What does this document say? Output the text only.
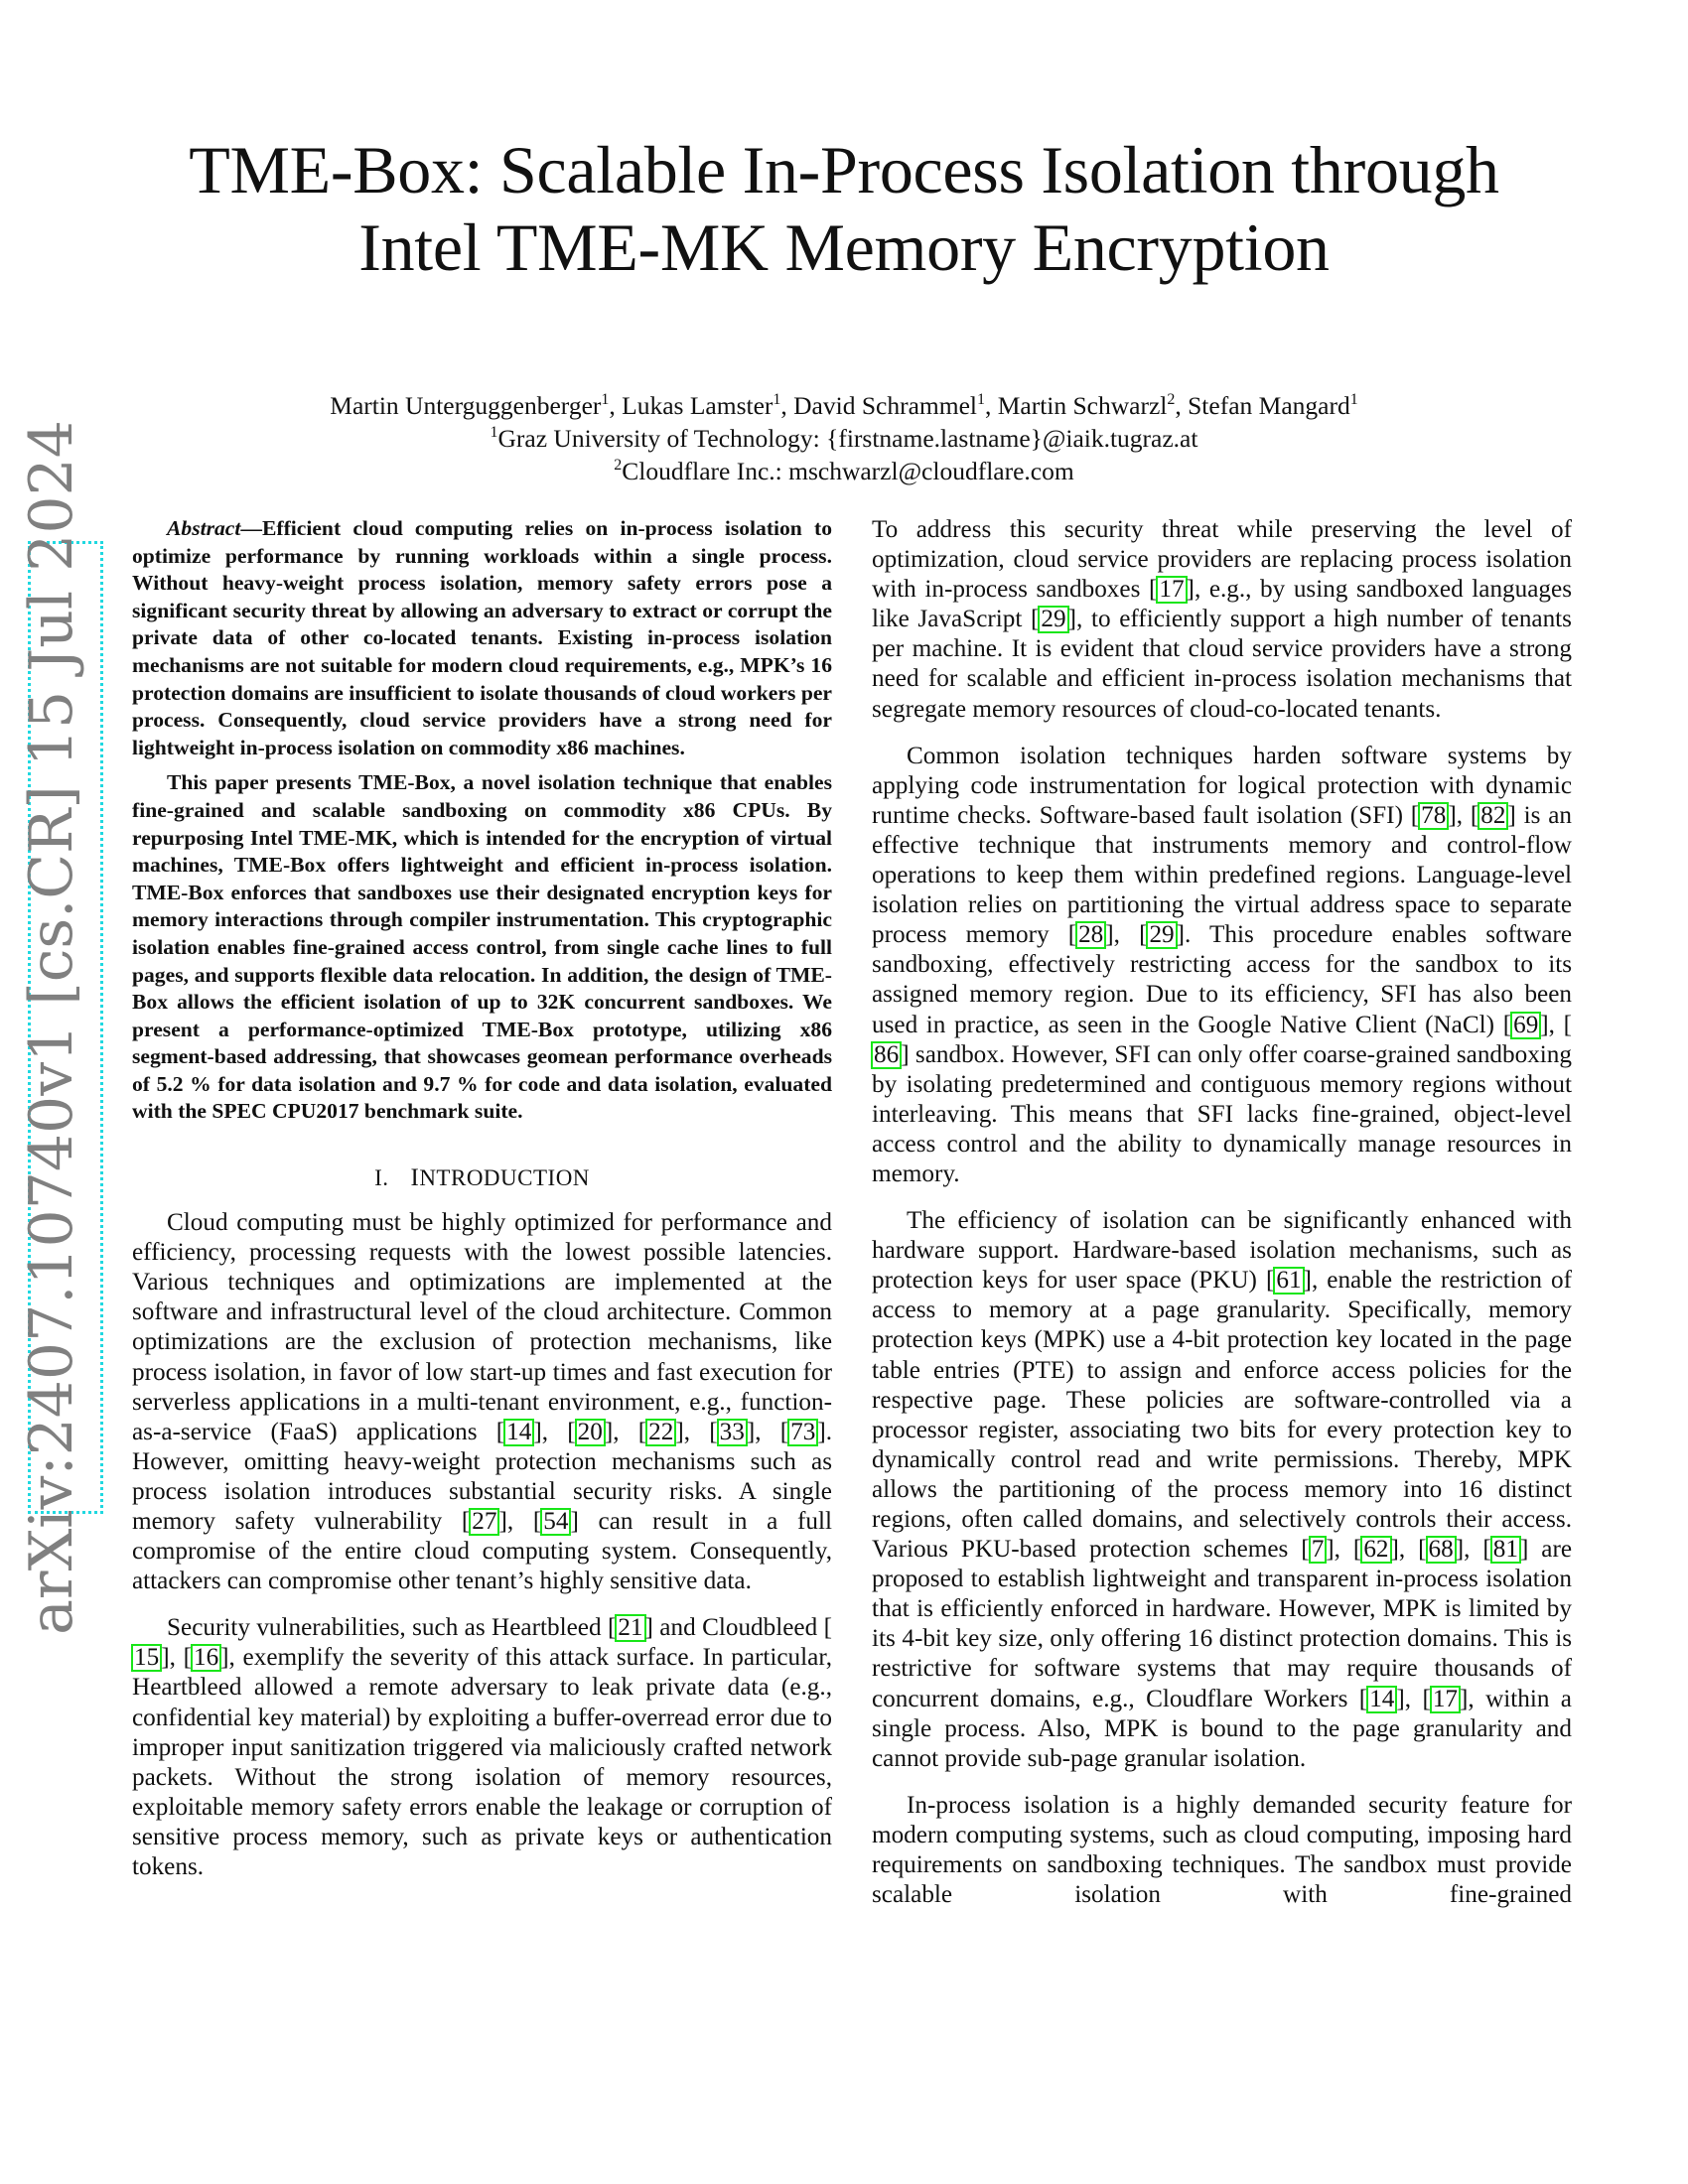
TME-Box: Scalable In-Process Isolation through
Intel TME-MK Memory Encryption
Martin Unterguggenberger$^1$, Lukas Lamster$^1$, David Schrammel$^1$, Martin Schwarzl$^2$, Stefan Mangard$^1$
$^1$Graz University of Technology: {firstname.lastname}@iaik.tugraz.at
$^2$Cloudflare Inc.: mschwarzl@cloudflare.com
arXiv:2407.10740v1 [cs.CR] 15 Jul 2024	Abstract—Efficient cloud computing relies on in-process isolation to optimize performance by running workloads within a single process. Without heavy-weight process isolation, memory safety errors pose a significant security threat by allowing an adversary to extract or corrupt the private data of other co-located tenants. Existing in-process isolation mechanisms are not suitable for modern cloud requirements, e.g., MPK’s 16 protection domains are insufficient to isolate thousands of cloud workers per process. Consequently, cloud service providers have a strong need for lightweight in-process isolation on commodity x86 machines.

This paper presents TME-Box, a novel isolation technique that enables fine-grained and scalable sandboxing on commodity x86 CPUs. By repurposing Intel TME-MK, which is intended for the encryption of virtual machines, TME-Box offers lightweight and efficient in-process isolation. TME-Box enforces that sandboxes use their designated encryption keys for memory interactions through compiler instrumentation. This cryptographic isolation enables fine-grained access control, from single cache lines to full pages, and supports flexible data relocation. In addition, the design of TME-Box allows the efficient isolation of up to 32K concurrent sandboxes. We present a performance-optimized TME-Box prototype, utilizing x86 segment-based addressing, that showcases geomean performance overheads of 5.2 % for data isolation and 9.7 % for code and data isolation, evaluated with the SPEC CPU2017 benchmark suite.

I. INTRODUCTION

Cloud computing must be highly optimized for performance and efficiency, processing requests with the lowest possible latencies. Various techniques and optimizations are implemented at the software and infrastructural level of the cloud architecture. Common optimizations are the exclusion of protection mechanisms, like process isolation, in favor of low start-up times and fast execution for serverless applications in a multi-tenant environment, e.g., function-as-a-service (FaaS) applications [14], [20], [22], [33], [73]. However, omitting heavy-weight protection mechanisms such as process isolation introduces substantial security risks. A single memory safety vulnerability [27], [54] can result in a full compromise of the entire cloud computing system. Consequently, attackers can compromise other tenant’s highly sensitive data.

Security vulnerabilities, such as Heartbleed [21] and Cloudbleed [15], [16], exemplify the severity of this attack surface. In particular, Heartbleed allowed a remote adversary to leak private data (e.g., confidential key material) by exploiting a buffer-overread error due to improper input sanitization triggered via maliciously crafted network packets. Without the strong isolation of memory resources, exploitable memory safety errors enable the leakage or corruption of sensitive process memory, such as private keys or authentication tokens.

To address this security threat while preserving the level of optimization, cloud service providers are replacing process isolation with in-process sandboxes [17], e.g., by using sandboxed languages like JavaScript [29], to efficiently support a high number of tenants per machine. It is evident that cloud service providers have a strong need for scalable and efficient in-process isolation mechanisms that segregate memory resources of cloud-co-located tenants.

Common isolation techniques harden software systems by applying code instrumentation for logical protection with dynamic runtime checks. Software-based fault isolation (SFI) [78], [82] is an effective technique that instruments memory and control-flow operations to keep them within predefined regions. Language-level isolation relies on partitioning the virtual address space to separate process memory [28], [29]. This procedure enables software sandboxing, effectively restricting access for the sandbox to its assigned memory region. Due to its efficiency, SFI has also been used in practice, as seen in the Google Native Client (NaCl) [69], [86] sandbox. However, SFI can only offer coarse-grained sandboxing by isolating predetermined and contiguous memory regions without interleaving. This means that SFI lacks fine-grained, object-level access control and the ability to dynamically manage resources in memory.

The efficiency of isolation can be significantly enhanced with hardware support. Hardware-based isolation mechanisms, such as protection keys for user space (PKU) [61], enable the restriction of access to memory at a page granularity. Specifically, memory protection keys (MPK) use a 4-bit protection key located in the page table entries (PTE) to assign and enforce access policies for the respective page. These policies are software-controlled via a processor register, associating two bits for every protection key to dynamically control read and write permissions. Thereby, MPK allows the partitioning of the process memory into 16 distinct regions, often called domains, and selectively controls their access. Various PKU-based protection schemes [7], [62], [68], [81] are proposed to establish lightweight and transparent in-process isolation that is efficiently enforced in hardware. However, MPK is limited by its 4-bit key size, only offering 16 distinct protection domains. This is restrictive for software systems that may require thousands of concurrent domains, e.g., Cloudflare Workers [14], [17], within a single process. Also, MPK is bound to the page granularity and cannot provide sub-page granular isolation.

In-process isolation is a highly demanded security feature for modern computing systems, such as cloud computing, imposing hard requirements on sandboxing techniques. The sandbox must provide scalable isolation with fine-grained
